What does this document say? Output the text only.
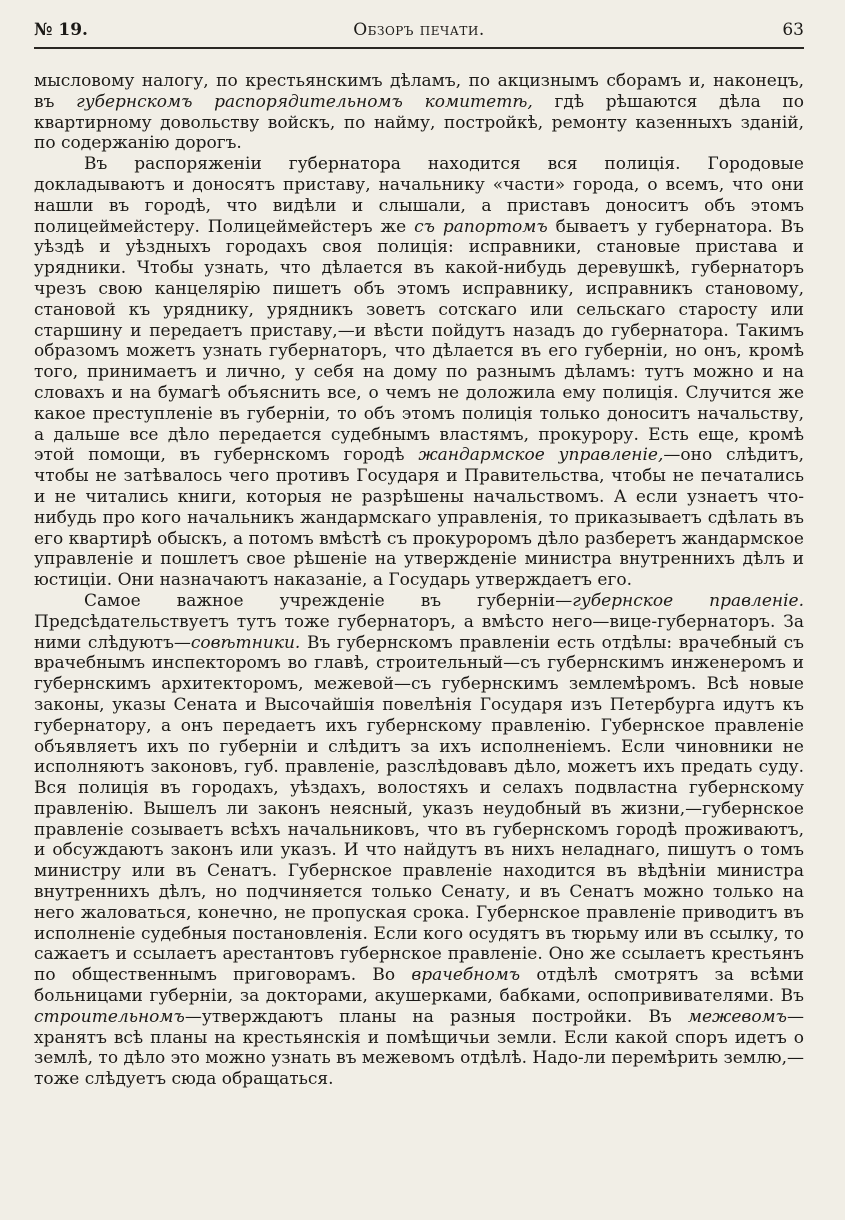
№ 19.	Обзоръ печати.	63

мысловому налогу, по крестьянскимъ дѣламъ, по акцизнымъ сборамъ и, наконецъ, въ губернскомъ распорядительномъ комитетѣ, гдѣ рѣшаются дѣла по квартирному довольству войскъ, по найму, постройкѣ, ремонту казенныхъ зданій, по содержанію дорогъ.

Въ распоряженіи губернатора находится вся полиція. Городовые докладываютъ и доносятъ приставу, начальнику «части» города, о всемъ, что они нашли въ городѣ, что видѣли и слышали, а приставъ доноситъ объ этомъ полицеймейстеру. Полицеймейстеръ же съ рапортомъ бываетъ у губернатора. Въ уѣздѣ и уѣздныхъ городахъ своя полиція: исправники, становые пристава и урядники. Чтобы узнать, что дѣлается въ какой-нибудь деревушкѣ, губернаторъ чрезъ свою канцелярію пишетъ объ этомъ исправнику, исправникъ становому, становой къ уряднику, урядникъ зоветъ сотскаго или сельскаго старосту или старшину и передаетъ приставу,—и вѣсти пойдутъ назадъ до губернатора. Такимъ образомъ можетъ узнать губернаторъ, что дѣлается въ его губерніи, но онъ, кромѣ того, принимаетъ и лично, у себя на дому по разнымъ дѣламъ: тутъ можно и на словахъ и на бумагѣ объяснить все, о чемъ не доложила ему полиція. Случится же какое преступленіе въ губерніи, то объ этомъ полиція только доноситъ начальству, а дальше все дѣло передается судебнымъ властямъ, прокурору. Есть еще, кромѣ этой помощи, въ губернскомъ городѣ жандармское управленіе,—оно слѣдитъ, чтобы не затѣвалось чего противъ Государя и Правительства, чтобы не печатались и не читались книги, которыя не разрѣшены начальствомъ. А если узнаетъ что-нибудь про кого начальникъ жандармскаго управленія, то приказываетъ сдѣлать въ его квартирѣ обыскъ, а потомъ вмѣстѣ съ прокуроромъ дѣло разберетъ жандармское управленіе и пошлетъ свое рѣшеніе на утвержденіе министра внутреннихъ дѣлъ и юстиціи. Они назначаютъ наказаніе, а Государь утверждаетъ его.

Самое важное учрежденіе въ губерніи—губернское правленіе. Предсѣдательствуетъ тутъ тоже губернаторъ, а вмѣсто него—вице-губернаторъ. За ними слѣдуютъ—совѣтники. Въ губернскомъ правленіи есть отдѣлы: врачебный съ врачебнымъ инспекторомъ во главѣ, строительный—съ губернскимъ инженеромъ и губернскимъ архитекторомъ, межевой—съ губернскимъ землемѣромъ. Всѣ новые законы, указы Сената и Высочайшія повелѣнія Государя изъ Петербурга идутъ къ губернатору, а онъ передаетъ ихъ губернскому правленію. Губернское правленіе объявляетъ ихъ по губерніи и слѣдитъ за ихъ исполненіемъ. Если чиновники не исполняютъ законовъ, губ. правленіе, разслѣдовавъ дѣло, можетъ ихъ предать суду. Вся полиція въ городахъ, уѣздахъ, волостяхъ и селахъ подвластна губернскому правленію. Вышелъ ли законъ неясный, указъ неудобный въ жизни,—губернское правленіе созываетъ всѣхъ начальниковъ, что въ губернскомъ городѣ проживаютъ, и обсуждаютъ законъ или указъ. И что найдутъ въ нихъ неладнаго, пишутъ о томъ министру или въ Сенатъ. Губернское правленіе находится въ вѣдѣніи министра внутреннихъ дѣлъ, но подчиняется только Сенату, и въ Сенатъ можно только на него жаловаться, конечно, не пропуская срока. Губернское правленіе приводитъ въ исполненіе судебныя постановленія. Если кого осудятъ въ тюрьму или въ ссылку, то сажаетъ и ссылаетъ арестантовъ губернское правленіе. Оно же ссылаетъ крестьянъ по общественнымъ приговорамъ. Во врачебномъ отдѣлѣ смотрятъ за всѣми больницами губерніи, за докторами, акушерками, бабками, оспопрививателями. Въ строительномъ—утверждаютъ планы на разныя постройки. Въ межевомъ—хранятъ всѣ планы на крестьянскія и помѣщичьи земли. Если какой споръ идетъ о землѣ, то дѣло это можно узнать въ межевомъ отдѣлѣ. Надо-ли перемѣрить землю,—тоже слѣдуетъ сюда обращаться.
